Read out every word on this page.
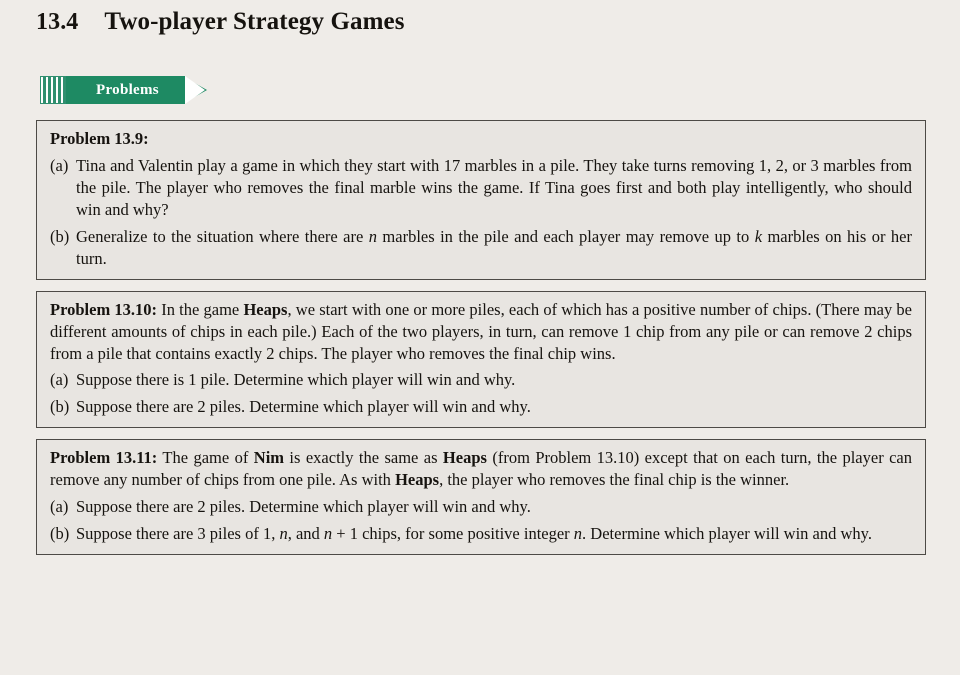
13.4 Two-player Strategy Games
Problems

Problem 13.9:

(a) Tina and Valentin play a game in which they start with 17 marbles in a pile. They take turns removing 1, 2, or 3 marbles from the pile. The player who removes the final marble wins the game. If Tina goes first and both play intelligently, who should win and why?
(b) Generalize to the situation where there are n marbles in the pile and each player may remove up to k marbles on his or her turn.

Problem 13.10: In the game Heaps, we start with one or more piles, each of which has a positive number of chips. (There may be different amounts of chips in each pile.) Each of the two players, in turn, can remove 1 chip from any pile or can remove 2 chips from a pile that contains exactly 2 chips. The player who removes the final chip wins.

(a) Suppose there is 1 pile. Determine which player will win and why.
(b) Suppose there are 2 piles. Determine which player will win and why.

Problem 13.11: The game of Nim is exactly the same as Heaps (from Problem 13.10) except that on each turn, the player can remove any number of chips from one pile. As with Heaps, the player who removes the final chip is the winner.

(a) Suppose there are 2 piles. Determine which player will win and why.
(b) Suppose there are 3 piles of 1, n, and n + 1 chips, for some positive integer n. Determine which player will win and why.
